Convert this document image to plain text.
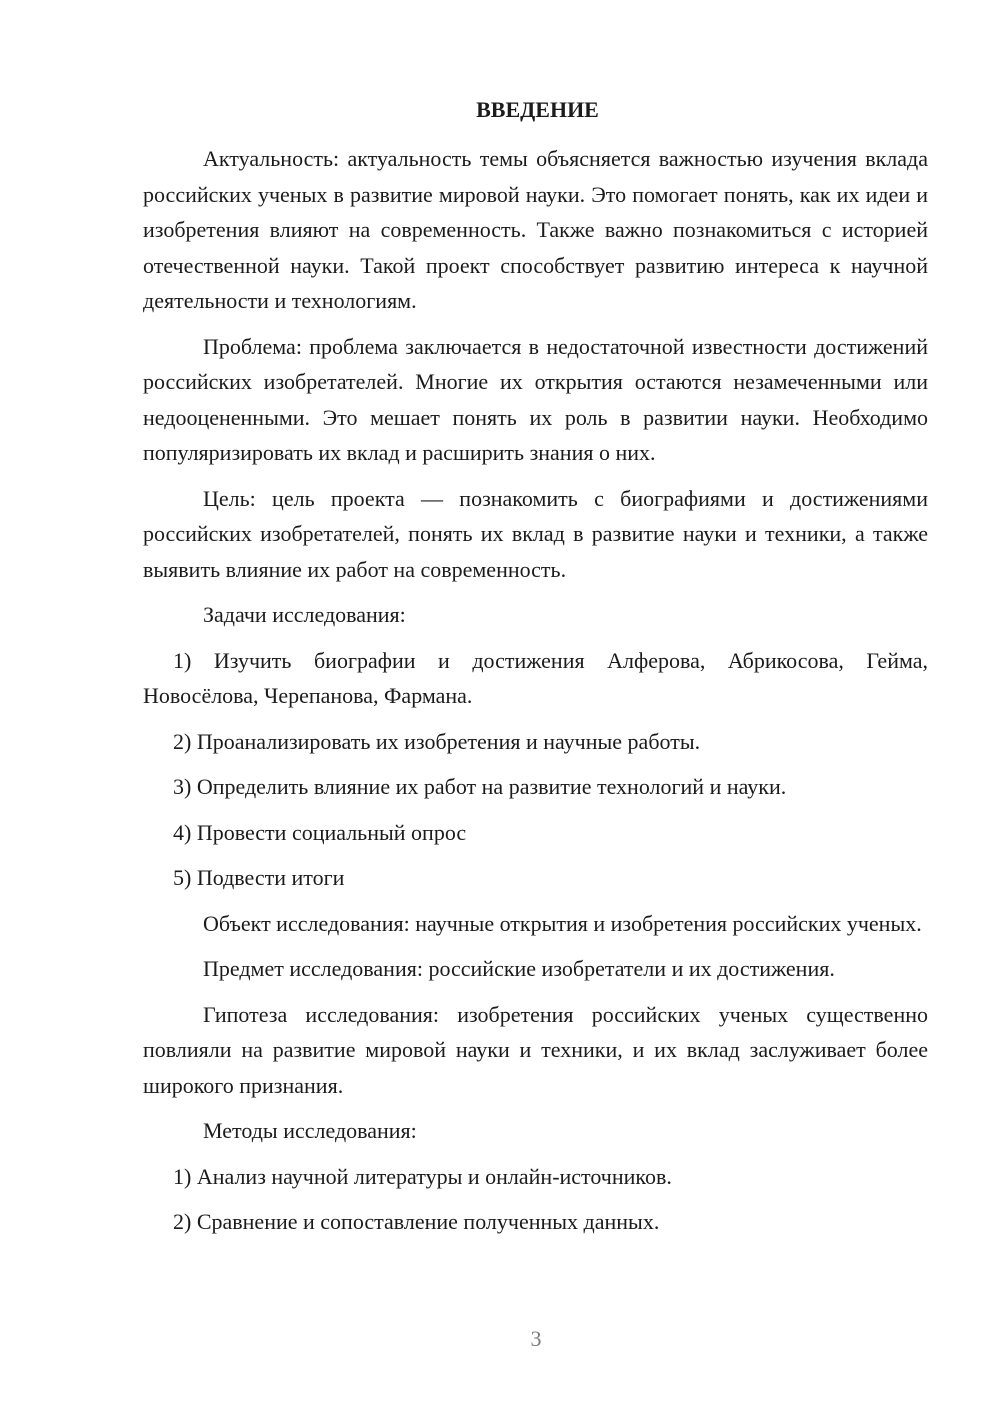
ВВЕДЕНИЕ

Актуальность: актуальность темы объясняется важностью изучения вклада российских ученых в развитие мировой науки. Это помогает понять, как их идеи и изобретения влияют на современность. Также важно познакомиться с историей отечественной науки. Такой проект способствует развитию интереса к научной деятельности и технологиям.

Проблема: проблема заключается в недостаточной известности достижений российских изобретателей. Многие их открытия остаются незамеченными или недооцененными. Это мешает понять их роль в развитии науки. Необходимо популяризировать их вклад и расширить знания о них.

Цель: цель проекта — познакомить с биографиями и достижениями российских изобретателей, понять их вклад в развитие науки и техники, а также выявить влияние их работ на современность.

Задачи исследования:

1) Изучить биографии и достижения Алферова, Абрикосова, Гейма, Новосёлова, Черепанова, Фармана.

2) Проанализировать их изобретения и научные работы.

3) Определить влияние их работ на развитие технологий и науки.

4) Провести социальный опрос

5) Подвести итоги

Объект исследования: научные открытия и изобретения российских ученых.

Предмет исследования: российские изобретатели и их достижения.

Гипотеза исследования: изобретения российских ученых существенно повлияли на развитие мировой науки и техники, и их вклад заслуживает более широкого признания.

Методы исследования:

1) Анализ научной литературы и онлайн-источников.

2) Сравнение и сопоставление полученных данных.

3
